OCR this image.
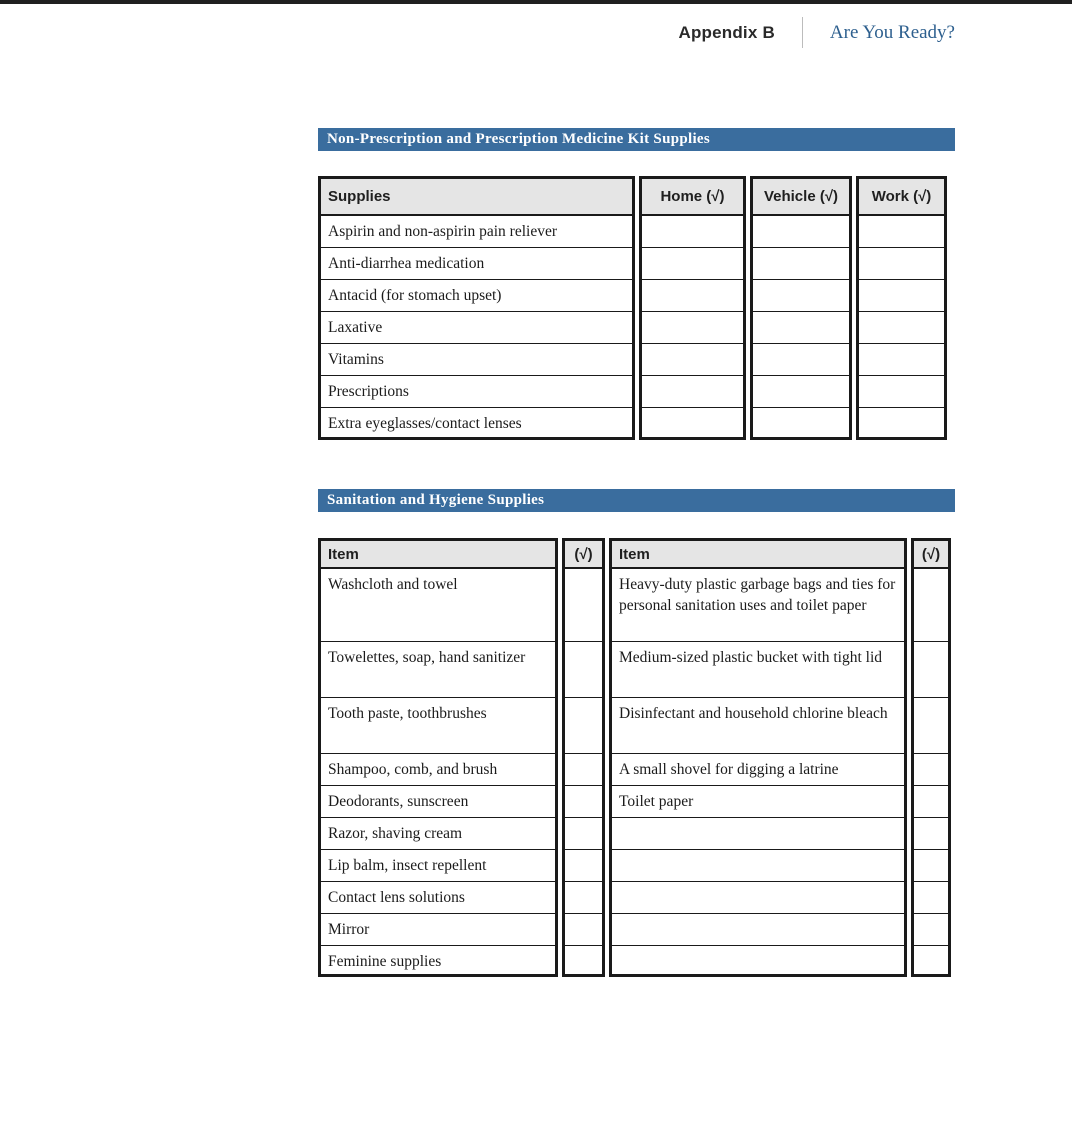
Appendix B	Are You Ready?
Non-Prescription and Prescription Medicine Kit Supplies
Supplies	Home (√)	Vehicle (√)	Work (√)
Aspirin and non-aspirin pain reliever			
Anti-diarrhea medication			
Antacid (for stomach upset)			
Laxative			
Vitamins			
Prescriptions			
Extra eyeglasses/contact lenses			
Sanitation and Hygiene Supplies
Item	(√)	Item	(√)
Washcloth and towel		Heavy-duty plastic garbage bags and ties for personal sanitation uses and toilet paper	
Towelettes, soap, hand sanitizer		Medium-sized plastic bucket with tight lid	
Tooth paste, toothbrushes		Disinfectant and household chlorine bleach	
Shampoo, comb, and brush		A small shovel for digging a latrine	
Deodorants, sunscreen		Toilet paper	
Razor, shaving cream			
Lip balm, insect repellent			
Contact lens solutions			
Mirror			
Feminine supplies			
